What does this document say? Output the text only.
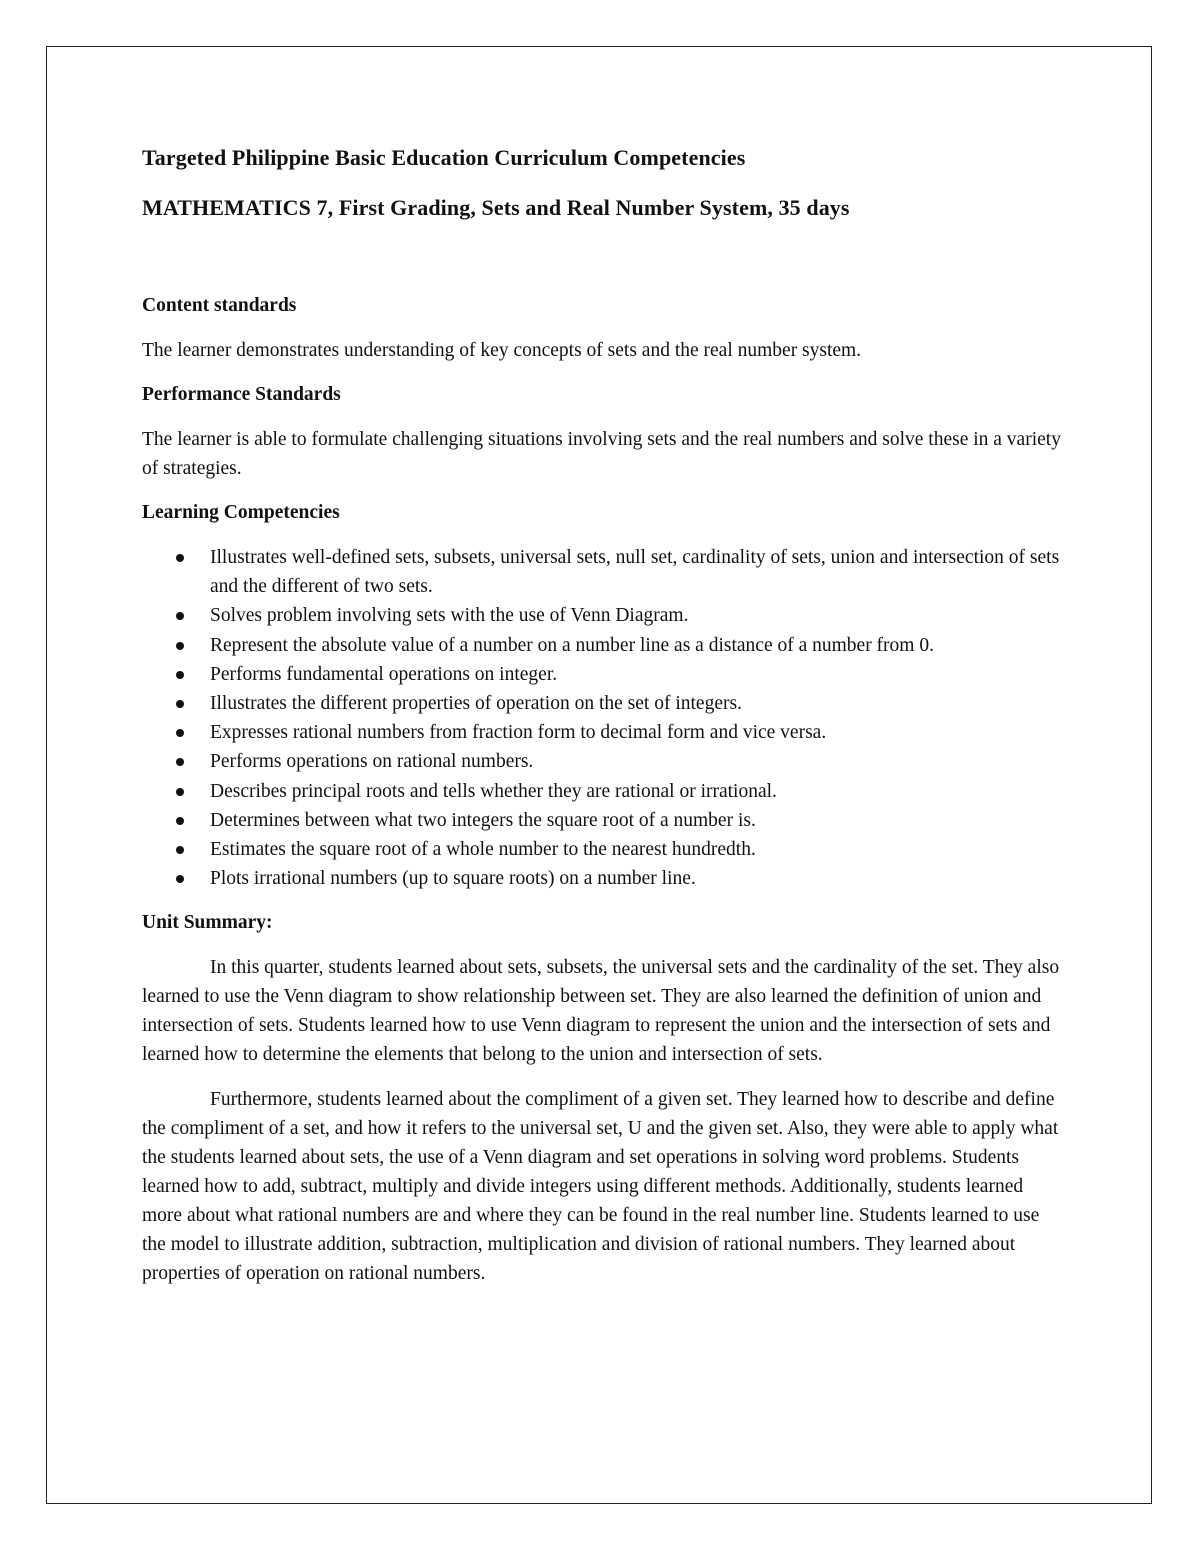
Targeted Philippine Basic Education Curriculum Competencies
MATHEMATICS 7, First Grading, Sets and Real Number System, 35 days
Content standards
The learner demonstrates understanding of key concepts of sets and the real number system.
Performance Standards
The learner is able to formulate challenging situations involving sets and the real numbers and solve these in a variety of strategies.
Learning Competencies
Illustrates well-defined sets, subsets, universal sets, null set, cardinality of sets, union and intersection of sets and the different of two sets.
Solves problem involving sets with the use of Venn Diagram.
Represent the absolute value of a number on a number line as a distance of a number from 0.
Performs fundamental operations on integer.
Illustrates the different properties of operation on the set of integers.
Expresses rational numbers from fraction form to decimal form and vice versa.
Performs operations on rational numbers.
Describes principal roots and tells whether they are rational or irrational.
Determines between what two integers the square root of a number is.
Estimates the square root of a whole number to the nearest hundredth.
Plots irrational numbers (up to square roots) on a number line.
Unit Summary:
In this quarter, students learned about sets, subsets, the universal sets and the cardinality of the set. They also learned to use the Venn diagram to show relationship between set. They are also learned the definition of union and intersection of sets. Students learned how to use Venn diagram to represent the union and the intersection of sets and learned how to determine the elements that belong to the union and intersection of sets.
Furthermore, students learned about the compliment of a given set. They learned how to describe and define the compliment of a set, and how it refers to the universal set, U and the given set. Also, they were able to apply what the students learned about sets, the use of a Venn diagram and set operations in solving word problems. Students learned how to add, subtract, multiply and divide integers using different methods. Additionally, students learned more about what rational numbers are and where they can be found in the real number line. Students learned to use the model to illustrate addition, subtraction, multiplication and division of rational numbers. They learned about properties of operation on rational numbers.
